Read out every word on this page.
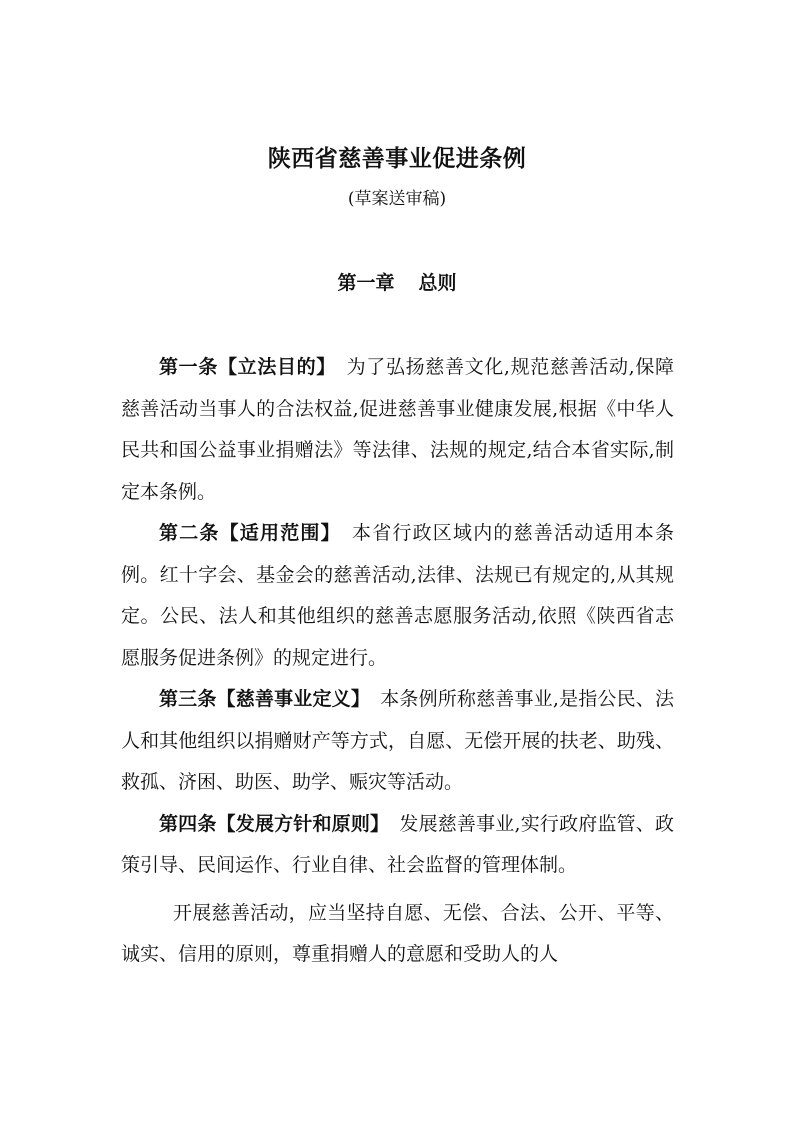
陕西省慈善事业促进条例
(草案送审稿)
第一章 总则

第一条【立法目的】 为了弘扬慈善文化,规范慈善活动,保障慈善活动当事人的合法权益,促进慈善事业健康发展,根据《中华人民共和国公益事业捐赠法》等法律、法规的规定,结合本省实际,制定本条例。

第二条【适用范围】 本省行政区域内的慈善活动适用本条例。红十字会、基金会的慈善活动,法律、法规已有规定的,从其规定。公民、法人和其他组织的慈善志愿服务活动,依照《陕西省志愿服务促进条例》的规定进行。

第三条【慈善事业定义】 本条例所称慈善事业,是指公民、法人和其他组织以捐赠财产等方式，自愿、无偿开展的扶老、助残、救孤、济困、助医、助学、赈灾等活动。

第四条【发展方针和原则】 发展慈善事业,实行政府监管、政策引导、民间运作、行业自律、社会监督的管理体制。

开展慈善活动，应当坚持自愿、无偿、合法、公开、平等、诚实、信用的原则，尊重捐赠人的意愿和受助人的人
